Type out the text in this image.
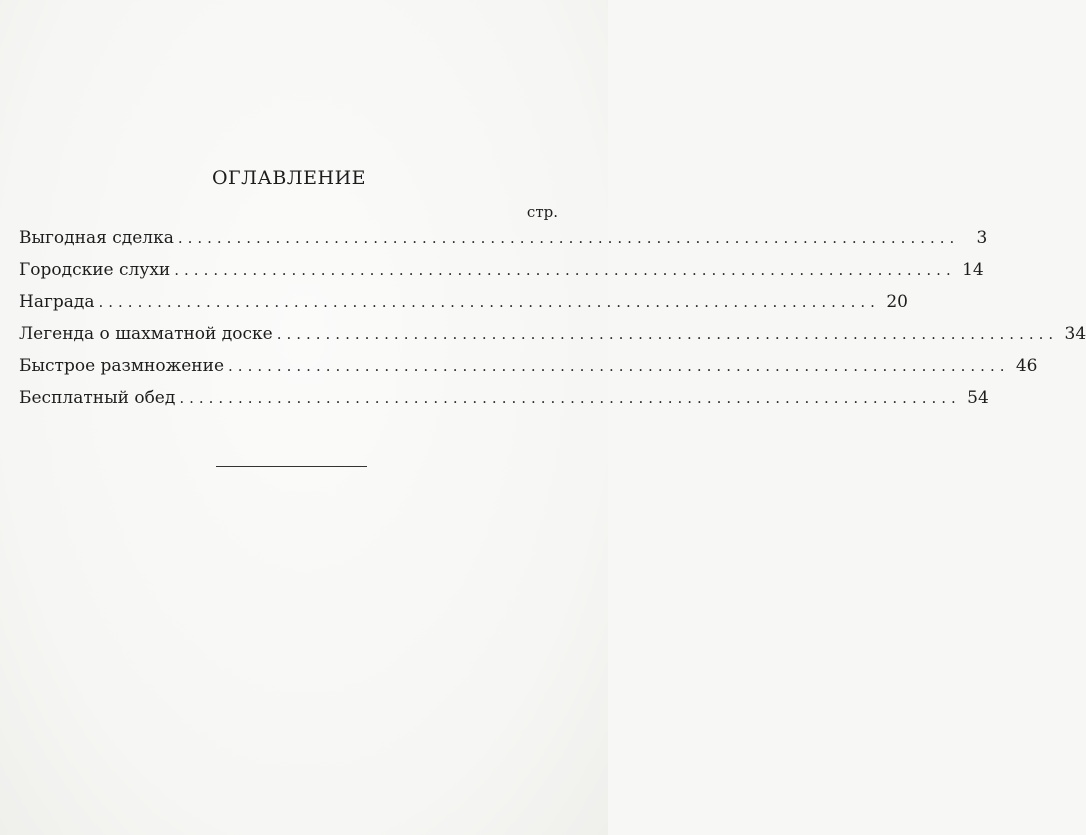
ОГЛАВЛЕНИЕ
стр.
Выгодная сделка ................................................................................	3
Городские слухи ................................................................................ 14
Награда ................................................................................ 20
Легенда о шахматной доске ................................................................................ 34
Быстрое размножение ................................................................................ 46
Бесплатный обед ................................................................................ 54
